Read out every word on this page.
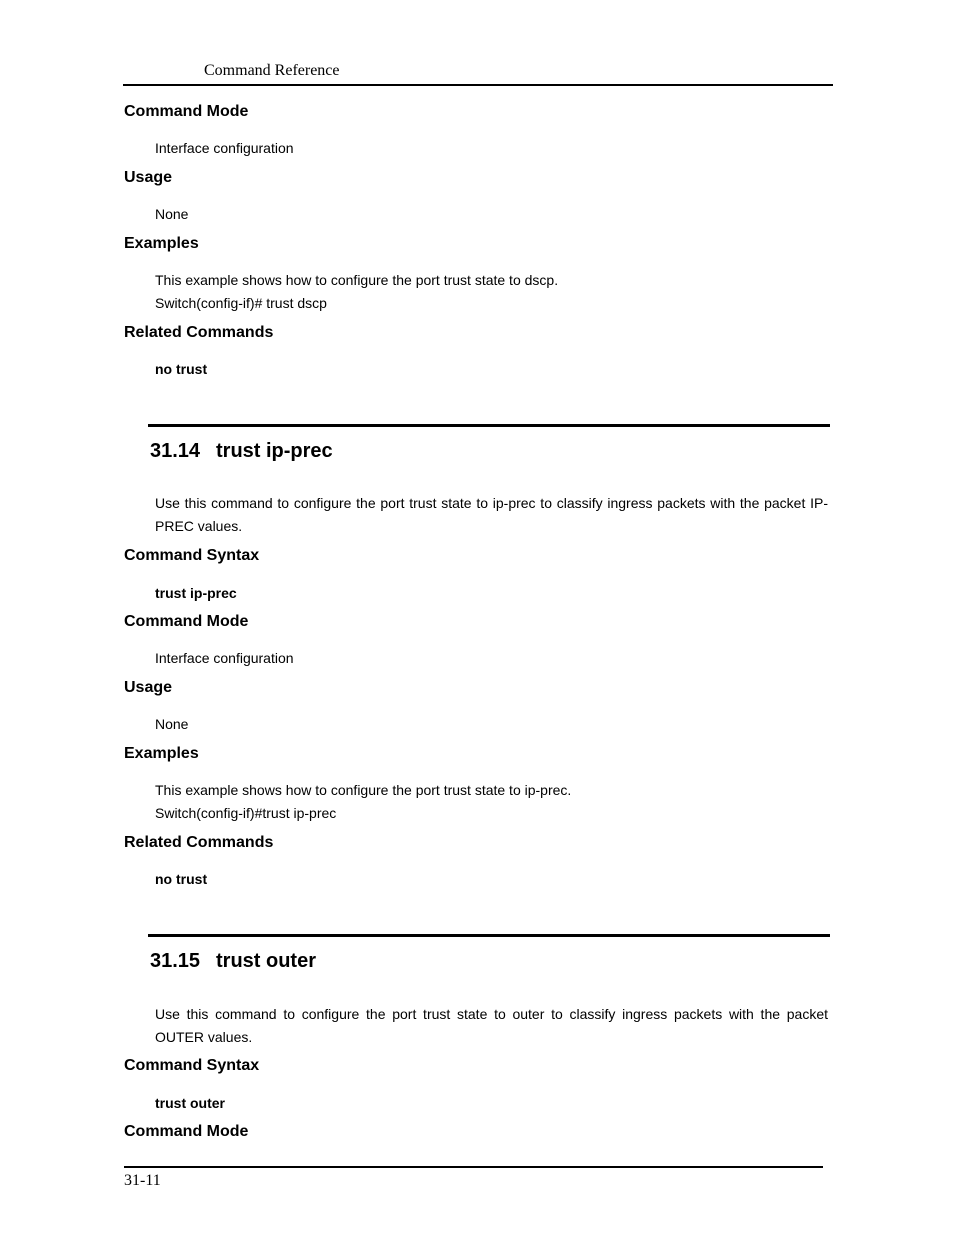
Command Reference
Command Mode
Interface configuration
Usage
None
Examples
This example shows how to configure the port trust state to dscp.
Switch(config-if)# trust dscp
Related Commands
no trust
31.14 trust ip-prec
Use this command to configure the port trust state to ip-prec to classify ingress packets with the packet IP-PREC values.
Command Syntax
trust ip-prec
Command Mode
Interface configuration
Usage
None
Examples
This example shows how to configure the port trust state to ip-prec.
Switch(config-if)#trust ip-prec
Related Commands
no trust
31.15 trust outer
Use this command to configure the port trust state to outer to classify ingress packets with the packet OUTER values.
Command Syntax
trust outer
Command Mode
31-11
